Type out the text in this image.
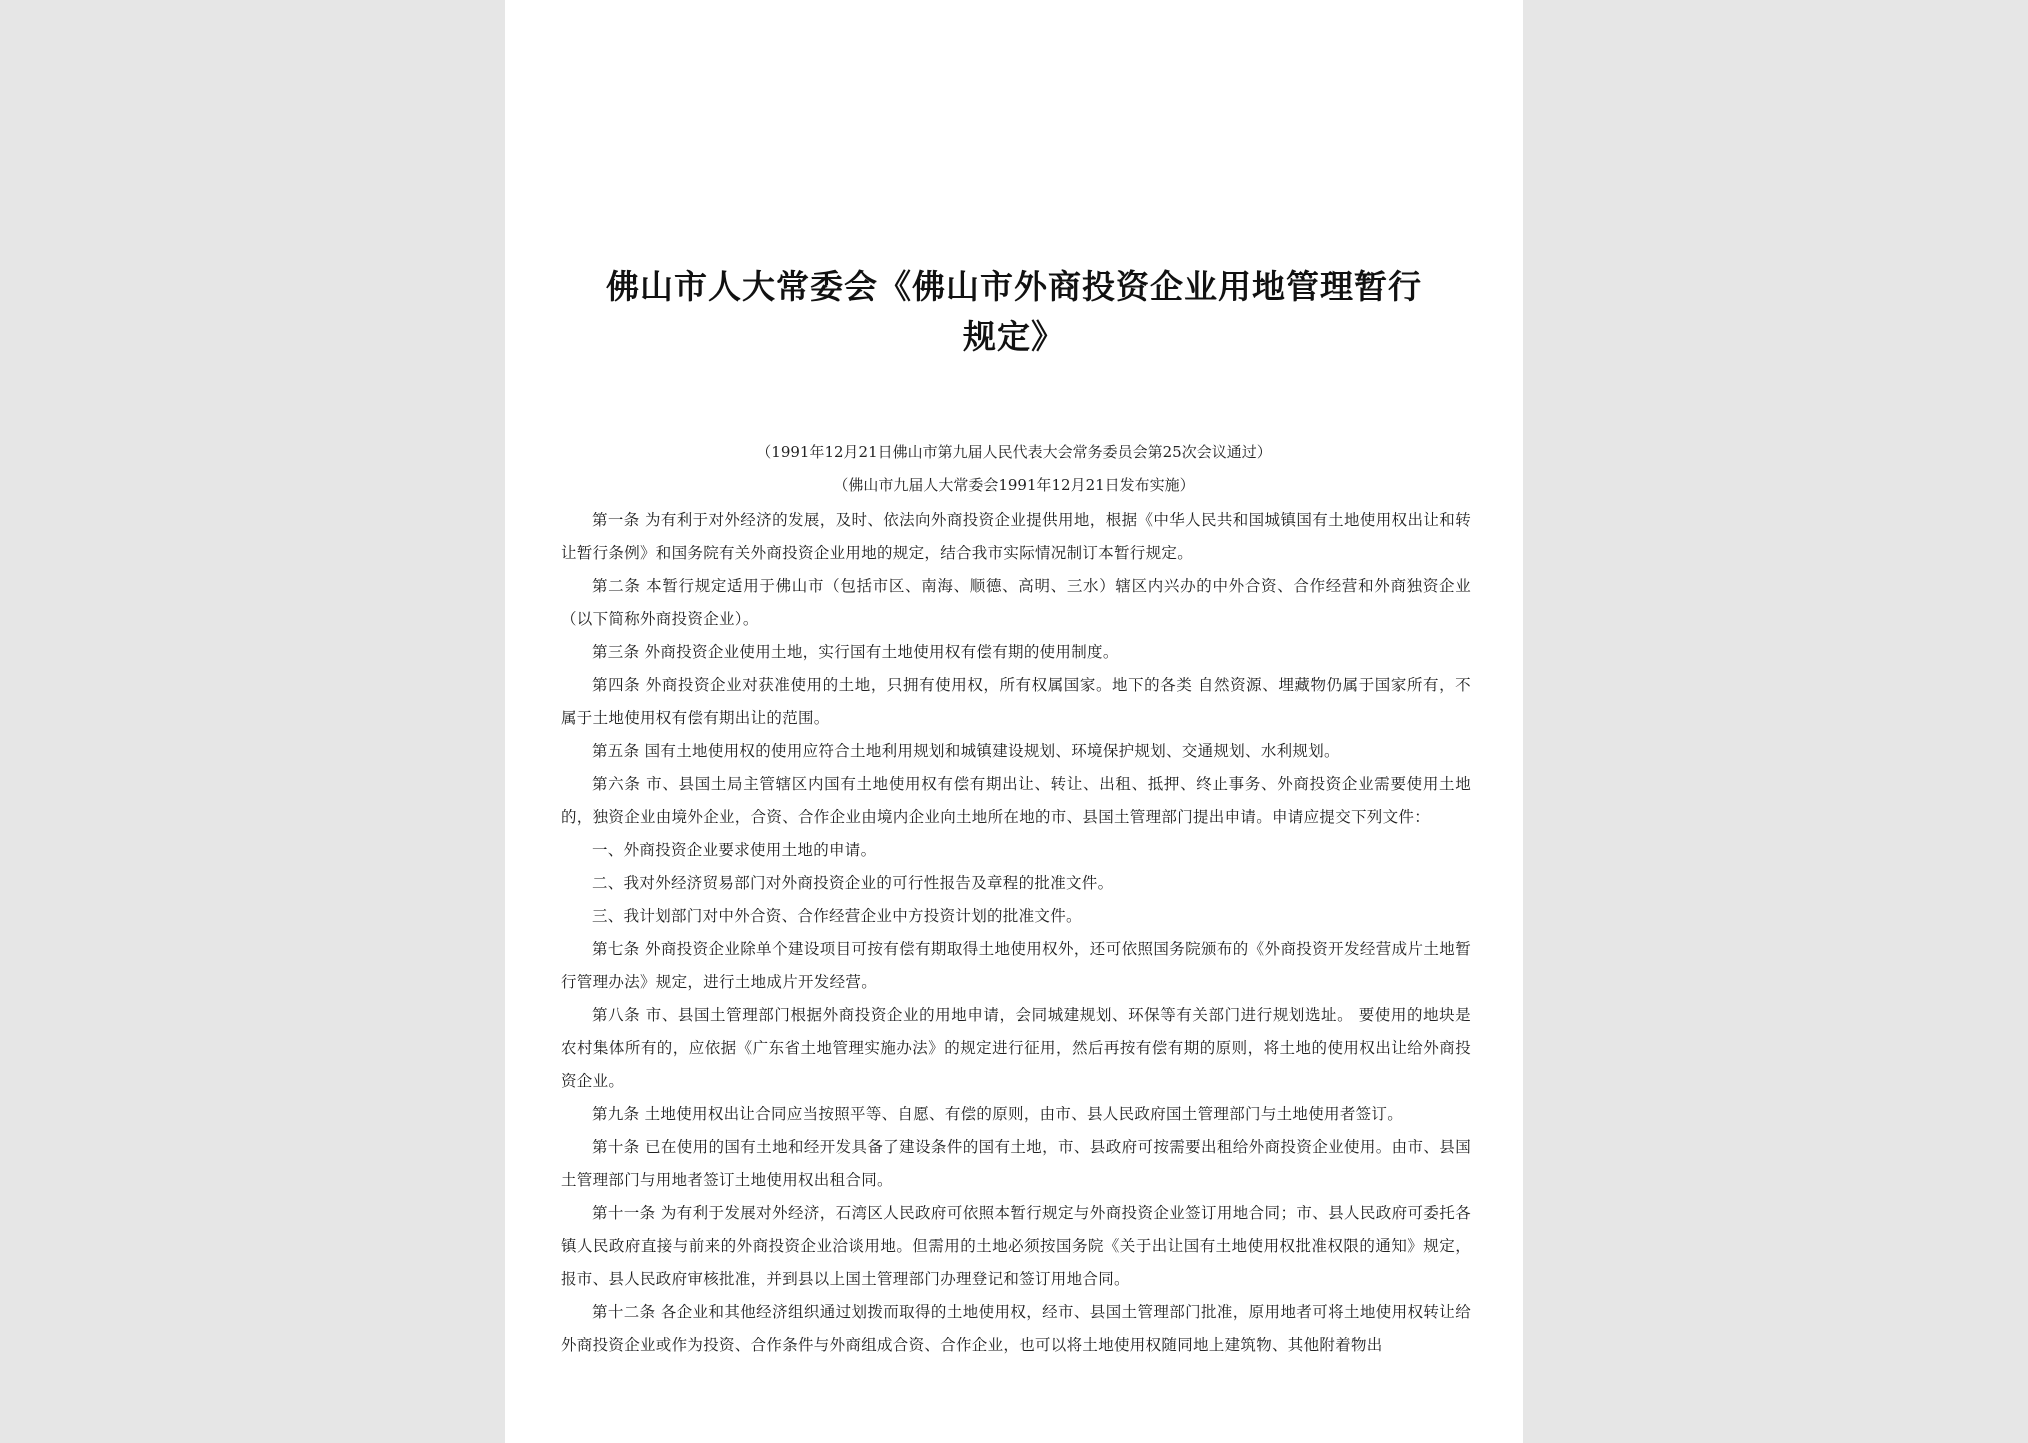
佛山市人大常委会《佛山市外商投资企业用地管理暂行
规定》
（1991年12月21日佛山市第九届人民代表大会常务委员会第25次会议通过）
（佛山市九届人大常委会1991年12月21日发布实施）

第一条 为有利于对外经济的发展，及时、依法向外商投资企业提供用地，根据《中华人民共和国城镇国有土地使用权出让和转让暂行条例》和国务院有关外商投资企业用地的规定，结合我市实际情况制订本暂行规定。

第二条 本暂行规定适用于佛山市（包括市区、南海、顺德、高明、三水）辖区内兴办的中外合资、合作经营和外商独资企业（以下简称外商投资企业）。

第三条 外商投资企业使用土地，实行国有土地使用权有偿有期的使用制度。

第四条 外商投资企业对获准使用的土地，只拥有使用权，所有权属国家。地下的各类 自然资源、埋藏物仍属于国家所有，不属于土地使用权有偿有期出让的范围。

第五条 国有土地使用权的使用应符合土地利用规划和城镇建设规划、环境保护规划、交通规划、水利规划。

第六条 市、县国土局主管辖区内国有土地使用权有偿有期出让、转让、出租、抵押、终止事务、外商投资企业需要使用土地的，独资企业由境外企业，合资、合作企业由境内企业向土地所在地的市、县国土管理部门提出申请。申请应提交下列文件：

一、外商投资企业要求使用土地的申请。

二、我对外经济贸易部门对外商投资企业的可行性报告及章程的批准文件。

三、我计划部门对中外合资、合作经营企业中方投资计划的批准文件。

第七条 外商投资企业除单个建设项目可按有偿有期取得土地使用权外，还可依照国务院颁布的《外商投资开发经营成片土地暂行管理办法》规定，进行土地成片开发经营。

第八条 市、县国土管理部门根据外商投资企业的用地申请，会同城建规划、环保等有关部门进行规划选址。 要使用的地块是农村集体所有的，应依据《广东省土地管理实施办法》的规定进行征用，然后再按有偿有期的原则，将土地的使用权出让给外商投资企业。

第九条 土地使用权出让合同应当按照平等、自愿、有偿的原则，由市、县人民政府国土管理部门与土地使用者签订。

第十条 已在使用的国有土地和经开发具备了建设条件的国有土地，市、县政府可按需要出租给外商投资企业使用。由市、县国土管理部门与用地者签订土地使用权出租合同。

第十一条 为有利于发展对外经济，石湾区人民政府可依照本暂行规定与外商投资企业签订用地合同；市、县人民政府可委托各镇人民政府直接与前来的外商投资企业洽谈用地。但需用的土地必须按国务院《关于出让国有土地使用权批准权限的通知》规定，报市、县人民政府审核批准，并到县以上国土管理部门办理登记和签订用地合同。

第十二条 各企业和其他经济组织通过划拨而取得的土地使用权，经市、县国土管理部门批准，原用地者可将土地使用权转让给外商投资企业或作为投资、合作条件与外商组成合资、合作企业，也可以将土地使用权随同地上建筑物、其他附着物出
